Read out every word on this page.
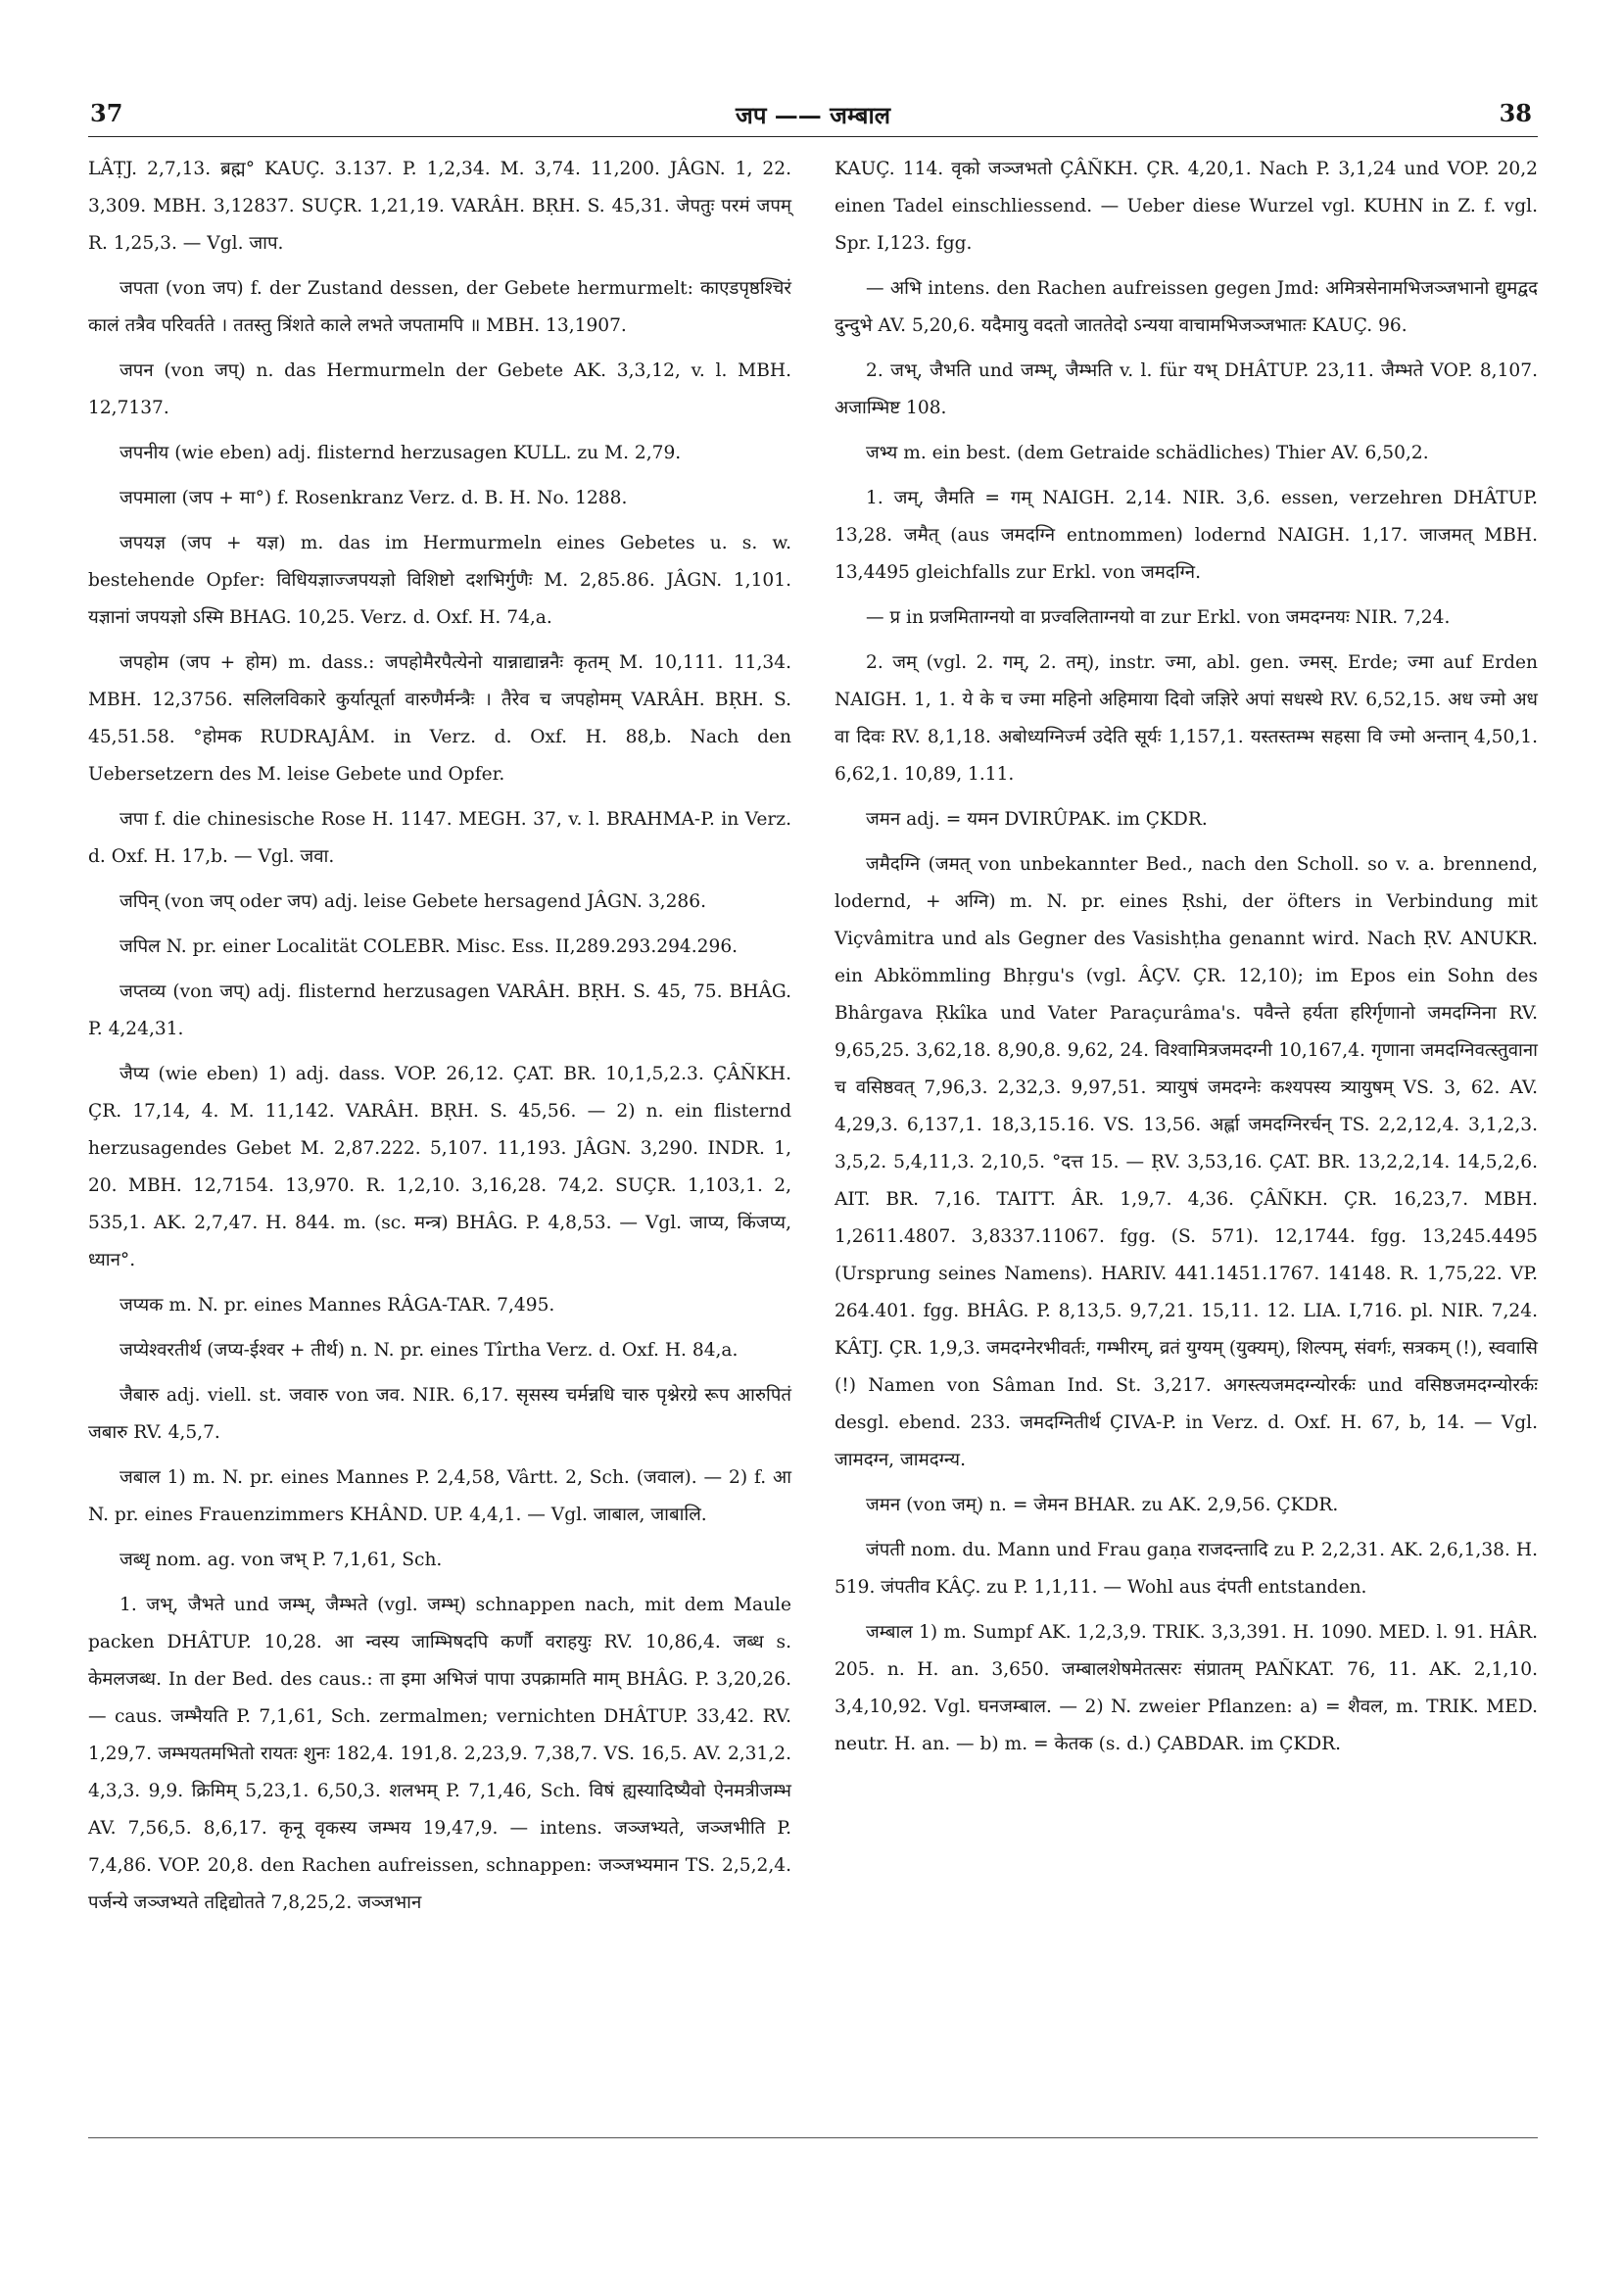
37	जप —— जम्बाल	38

LÂṬJ. 2,7,13. ब्रह्म° KAUÇ. 3.137. P. 1,2,34. M. 3,74. 11,200. JÂGN. 1, 22. 3,309. MBH. 3,12837. SUÇR. 1,21,19. VARÂH. BṚH. S. 45,31. जेपतुः परमं जपम् R. 1,25,3. — Vgl. जाप.

जपता (von जप) f. der Zustand dessen, der Gebete hermurmelt: काएडपृष्ठश्चिरं कालं तत्रैव परिवर्तते । ततस्तु त्रिंशते काले लभते जपतामपि ॥ MBH. 13,1907.

जपन (von जप्) n. das Hermurmeln der Gebete AK. 3,3,12, v. l. MBH. 12,7137.

जपनीय (wie eben) adj. flisternd herzusagen KULL. zu M. 2,79.

जपमाला (जप + मा°) f. Rosenkranz Verz. d. B. H. No. 1288.

जपयज्ञ (जप + यज्ञ) m. das im Hermurmeln eines Gebetes u. s. w. bestehende Opfer: विधियज्ञाज्जपयज्ञो विशिष्टो दशभिर्गुणैः M. 2,85.86. JÂGN. 1,101. यज्ञानां जपयज्ञो ऽस्मि BHAG. 10,25. Verz. d. Oxf. H. 74,a.

जपहोम (जप + होम) m. dass.: जपहोमैरपैत्येनो यान्नाद्यान्ननैः कृतम् M. 10,111. 11,34. MBH. 12,3756. सलिलविकारे कुर्यात्पूर्ता वारुणैर्मन्त्रैः । तैरेव च जपहोमम् VARÂH. BṚH. S. 45,51.58. °होमक RUDRAJÂM. in Verz. d. Oxf. H. 88,b. Nach den Uebersetzern des M. leise Gebete und Opfer.

जपा f. die chinesische Rose H. 1147. MEGH. 37, v. l. BRAHMA-P. in Verz. d. Oxf. H. 17,b. — Vgl. जवा.

जपिन् (von जप् oder जप) adj. leise Gebete hersagend JÂGN. 3,286.

जपिल N. pr. einer Localität COLEBR. Misc. Ess. II,289.293.294.296.

जप्तव्य (von जप्) adj. flisternd herzusagen VARÂH. BṚH. S. 45, 75. BHÂG. P. 4,24,31.

जैप्य (wie eben) 1) adj. dass. VOP. 26,12. ÇAT. BR. 10,1,5,2.3. ÇÂÑKH. ÇR. 17,14, 4. M. 11,142. VARÂH. BṚH. S. 45,56. — 2) n. ein flisternd herzusagendes Gebet M. 2,87.222. 5,107. 11,193. JÂGN. 3,290. INDR. 1, 20. MBH. 12,7154. 13,970. R. 1,2,10. 3,16,28. 74,2. SUÇR. 1,103,1. 2, 535,1. AK. 2,7,47. H. 844. m. (sc. मन्त्र) BHÂG. P. 4,8,53. — Vgl. जाप्य, किंजप्य, ध्यान°.

जप्यक m. N. pr. eines Mannes RÂGA-TAR. 7,495.

जप्येश्वरतीर्थ (जप्य-ईश्वर + तीर्थ) n. N. pr. eines Tîrtha Verz. d. Oxf. H. 84,a.

जैबारु adj. viell. st. जवारु von जव. NIR. 6,17. सृसस्य चर्मन्नधि चारु पृश्नेरग्रे रूप आरुपितं जबारु RV. 4,5,7.

जबाल 1) m. N. pr. eines Mannes P. 2,4,58, Vârtt. 2, Sch. (जवाल). — 2) f. आ N. pr. eines Frauenzimmers KHÂND. UP. 4,4,1. — Vgl. जाबाल, जाबालि.

जब्धृ nom. ag. von जभ् P. 7,1,61, Sch.

1. जभ्, जैभते und जम्भ्, जैम्भते (vgl. जम्भ्) schnappen nach, mit dem Maule packen DHÂTUP. 10,28. आ न्वस्य जाम्भिषदपि कर्णौ वराहयुः RV. 10,86,4. जब्ध s. केमलजब्ध. In der Bed. des caus.: ता इमा अभिजं पापा उपक्रामति माम् BHÂG. P. 3,20,26. — caus. जम्भैयति P. 7,1,61, Sch. zermalmen; vernichten DHÂTUP. 33,42. RV. 1,29,7. जम्भयतमभितो रायतः शुनः 182,4. 191,8. 2,23,9. 7,38,7. VS. 16,5. AV. 2,31,2. 4,3,3. 9,9. क्रिमिम् 5,23,1. 6,50,3. शलभम् P. 7,1,46, Sch. विषं ह्यस्यादिष्यैवो ऐनमत्रीजम्भ AV. 7,56,5. 8,6,17. कृनू वृकस्य जम्भय 19,47,9. — intens. जञ्जभ्यते, जञ्जभीति P. 7,4,86. VOP. 20,8. den Rachen aufreissen, schnappen: जञ्जभ्यमान TS. 2,5,2,4. पर्जन्ये जञ्जभ्यते तद्दिद्योतते 7,8,25,2. जञ्जभान

KAUÇ. 114. वृको जञ्जभतो ÇÂÑKH. ÇR. 4,20,1. Nach P. 3,1,24 und VOP. 20,2 einen Tadel einschliessend. — Ueber diese Wurzel vgl. KUHN in Z. f. vgl. Spr. I,123. fgg.

— अभि intens. den Rachen aufreissen gegen Jmd: अमित्रसेनामभिजञ्जभानो द्युमद्वद दुन्दुभे AV. 5,20,6. यदैमायु वदतो जाततेदो ऽन्यया वाचामभिजञ्जभातः KAUÇ. 96.

2. जभ्, जैभति und जम्भ्, जैम्भति v. l. für यभ् DHÂTUP. 23,11. जैम्भते VOP. 8,107. अजाम्भिष्ट 108.

जभ्य m. ein best. (dem Getraide schädliches) Thier AV. 6,50,2.

1. जम्, जैमति = गम् NAIGH. 2,14. NIR. 3,6. essen, verzehren DHÂTUP. 13,28. जमैत् (aus जमदग्नि entnommen) lodernd NAIGH. 1,17. जाजमत् MBH. 13,4495 gleichfalls zur Erkl. von जमदग्नि.

— प्र in प्रजमिताग्नयो वा प्रज्वलिताग्नयो वा zur Erkl. von जमदग्नयः NIR. 7,24.

2. जम् (vgl. 2. गम्, 2. तम्), instr. ज्मा, abl. gen. ज्मस्. Erde; ज्मा auf Erden NAIGH. 1, 1. ये के च ज्मा महिनो अहिमाया दिवो जज्ञिरे अपां सधस्थे RV. 6,52,15. अध ज्मो अध वा दिवः RV. 8,1,18. अबोध्यग्निर्ज्म उदेति सूर्यः 1,157,1. यस्तस्तम्भ सहसा वि ज्मो अन्तान् 4,50,1. 6,62,1. 10,89, 1.11.

जमन adj. = यमन DVIRÛPAK. im ÇKDR.

जमैदग्नि (जमत् von unbekannter Bed., nach den Scholl. so v. a. brennend, lodernd, + अग्नि) m. N. pr. eines Ṛshi, der öfters in Verbindung mit Viçvâmitra und als Gegner des Vasishṭha genannt wird. Nach ṚV. ANUKR. ein Abkömmling Bhṛgu's (vgl. ÂÇV. ÇR. 12,10); im Epos ein Sohn des Bhârgava Ṛkîka und Vater Paraçurâma's. पवैन्ते हर्यता हरिर्गृणानो जमदग्निना RV. 9,65,25. 3,62,18. 8,90,8. 9,62, 24. विश्वामित्रजमदग्नी 10,167,4. गृणाना जमदग्निवत्स्तुवाना च वसिष्ठवत् 7,96,3. 2,32,3. 9,97,51. त्र्यायुषं जमदग्नेः कश्यपस्य त्र्यायुषम् VS. 3, 62. AV. 4,29,3. 6,137,1. 18,3,15.16. VS. 13,56. अर्ह्ला जमदग्निरर्चन् TS. 2,2,12,4. 3,1,2,3. 3,5,2. 5,4,11,3. 2,10,5. °दत्त 15. — ṚV. 3,53,16. ÇAT. BR. 13,2,2,14. 14,5,2,6. AIT. BR. 7,16. TAITT. ÂR. 1,9,7. 4,36. ÇÂÑKH. ÇR. 16,23,7. MBH. 1,2611.4807. 3,8337.11067. fgg. (S. 571). 12,1744. fgg. 13,245.4495 (Ursprung seines Namens). HARIV. 441.1451.1767. 14148. R. 1,75,22. VP. 264.401. fgg. BHÂG. P. 8,13,5. 9,7,21. 15,11. 12. LIA. I,716. pl. NIR. 7,24. KÂTJ. ÇR. 1,9,3. जमदग्नेरभीवर्तः, गम्भीरम्, व्रतं युग्यम् (युक्यम्), शिल्पम्, संवर्गः, सत्रकम् (!), स्ववासि (!) Namen von Sâman Ind. St. 3,217. अगस्त्यजमदग्न्योरर्कः und वसिष्ठजमदग्न्योरर्कः desgl. ebend. 233. जमदग्नितीर्थ ÇIVA-P. in Verz. d. Oxf. H. 67, b, 14. — Vgl. जामदग्न, जामदग्न्य.

जमन (von जम्) n. = जेमन BHAR. zu AK. 2,9,56. ÇKDR.

जंपती nom. du. Mann und Frau gaṇa राजदन्तादि zu P. 2,2,31. AK. 2,6,1,38. H. 519. जंपतीव KÂÇ. zu P. 1,1,11. — Wohl aus दंपती entstanden.

जम्बाल 1) m. Sumpf AK. 1,2,3,9. TRIK. 3,3,391. H. 1090. MED. l. 91. HÂR. 205. n. H. an. 3,650. जम्बालशेषमेतत्सरः संप्रातम् PAÑKAT. 76, 11. AK. 2,1,10. 3,4,10,92. Vgl. घनजम्बाल. — 2) N. zweier Pflanzen: a) = शैवल, m. TRIK. MED. neutr. H. an. — b) m. = केतक (s. d.) ÇABDAR. im ÇKDR.
